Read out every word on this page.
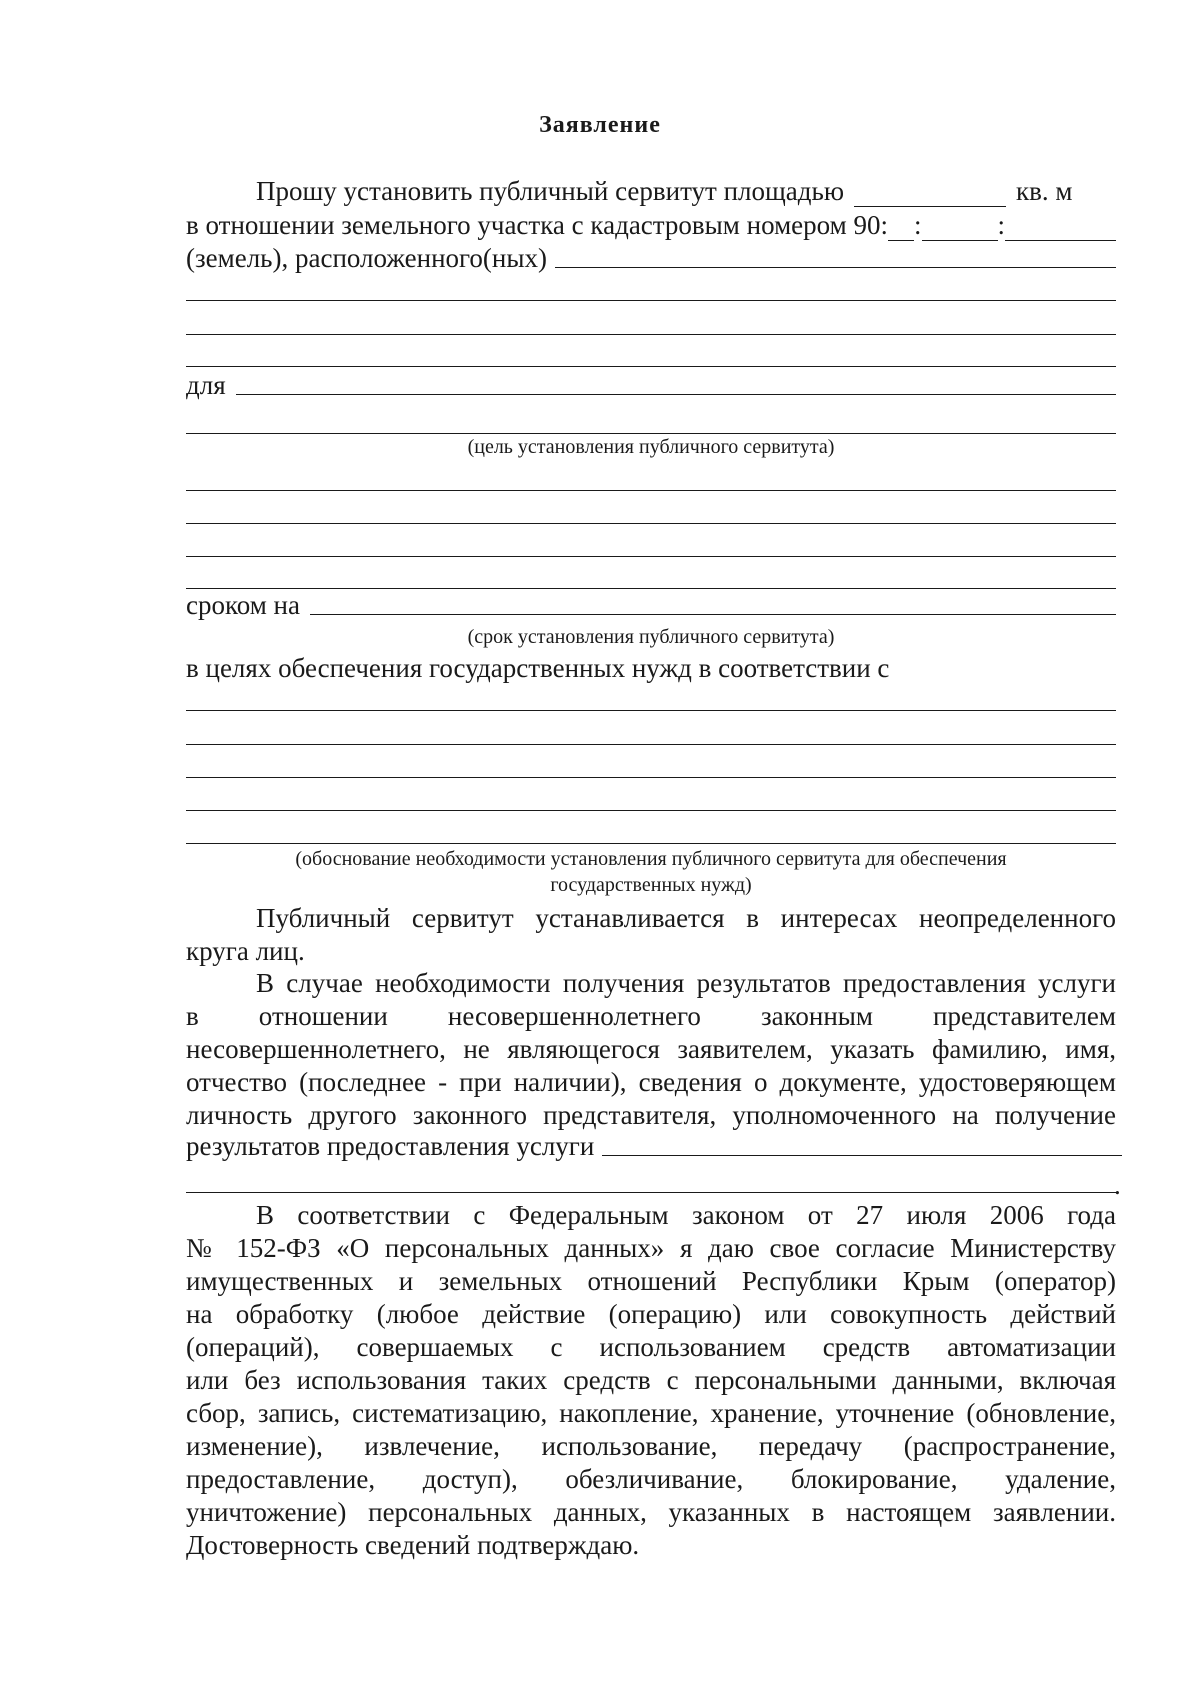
Заявление
Прошу установить публичный сервитут площадью	кв. м
в отношении земельного участка с кадастровым номером 90: :	:
(земель), расположенного(ных)
для
(цель установления публичного сервитута)
сроком на
(срок установления публичного сервитута)
в целях обеспечения государственных нужд в соответствии с
(обоснование необходимости установления публичного сервитута для обеспечения
государственных нужд)
Публичный сервитут устанавливается в интересах неопределенного
круга лиц.
В случае необходимости получения результатов предоставления услуги
в отношении несовершеннолетнего законным представителем
несовершеннолетнего, не являющегося заявителем, указать фамилию, имя,
отчество (последнее - при наличии), сведения о документе, удостоверяющем
личность другого законного представителя, уполномоченного на получение
результатов предоставления услуги
.
В соответствии с Федеральным законом от 27 июля 2006 года
№ 152-ФЗ «О персональных данных» я даю свое согласие Министерству
имущественных и земельных отношений Республики Крым (оператор)
на обработку (любое действие (операцию) или совокупность действий
(операций), совершаемых с использованием средств автоматизации
или без использования таких средств с персональными данными, включая
сбор, запись, систематизацию, накопление, хранение, уточнение (обновление,
изменение), извлечение, использование, передачу (распространение,
предоставление, доступ), обезличивание, блокирование, удаление,
уничтожение) персональных данных, указанных в настоящем заявлении.
Достоверность сведений подтверждаю.
